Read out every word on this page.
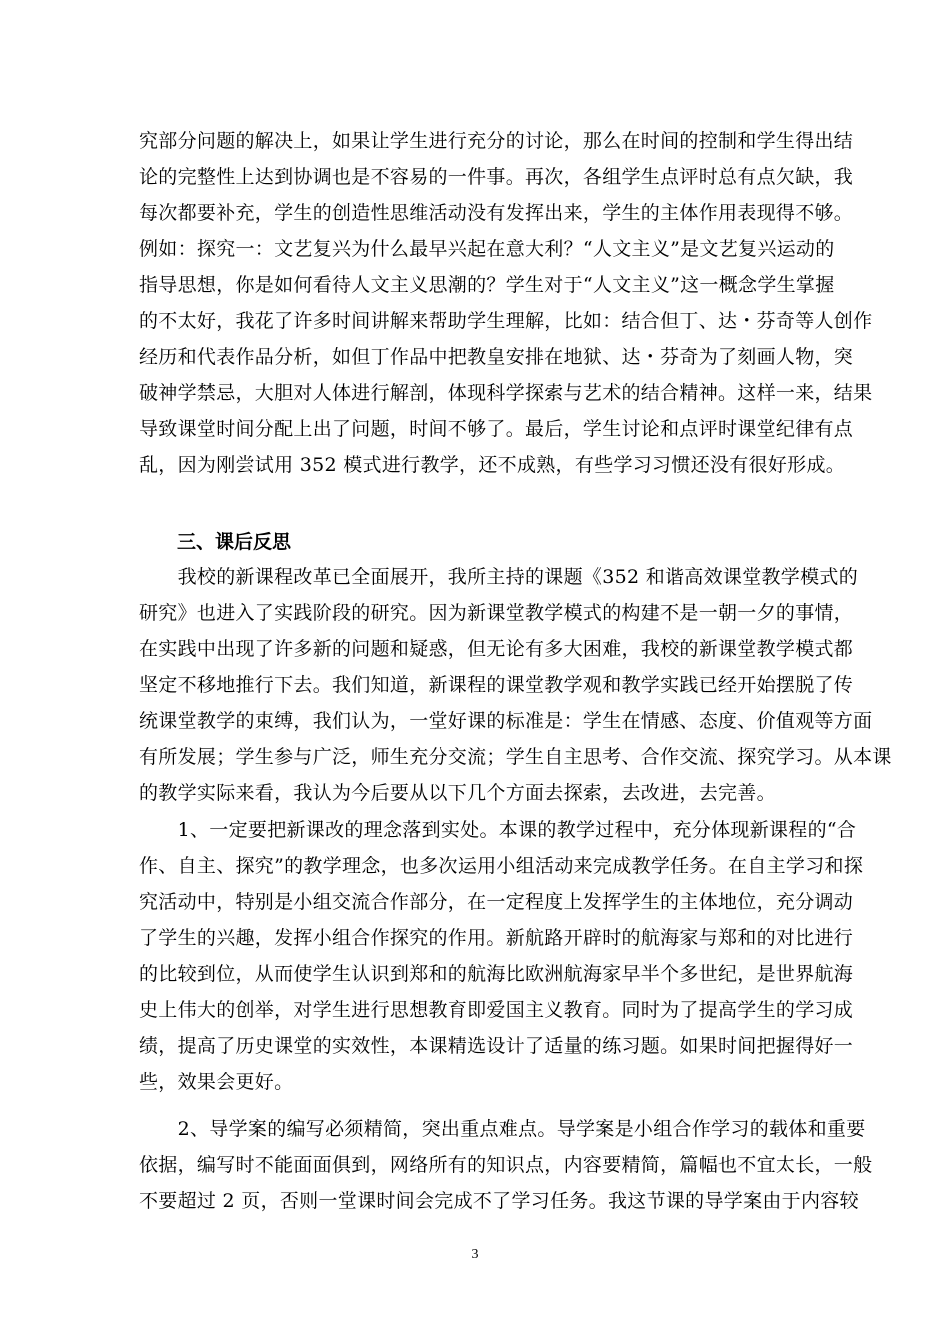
究部分问题的解决上，如果让学生进行充分的讨论，那么在时间的控制和学生得出结
论的完整性上达到协调也是不容易的一件事。再次，各组学生点评时总有点欠缺，我
每次都要补充，学生的创造性思维活动没有发挥出来，学生的主体作用表现得不够。
例如：探究一：文艺复兴为什么最早兴起在意大利？“人文主义”是文艺复兴运动的
指导思想，你是如何看待人文主义思潮的？学生对于“人文主义”这一概念学生掌握
的不太好，我花了许多时间讲解来帮助学生理解，比如：结合但丁、达・芬奇等人创作
经历和代表作品分析，如但丁作品中把教皇安排在地狱、达・芬奇为了刻画人物，突
破神学禁忌，大胆对人体进行解剖，体现科学探索与艺术的结合精神。这样一来，结果
导致课堂时间分配上出了问题，时间不够了。最后，学生讨论和点评时课堂纪律有点
乱，因为刚尝试用 352 模式进行教学，还不成熟，有些学习习惯还没有很好形成。
三、课后反思
　　我校的新课程改革已全面展开，我所主持的课题《352 和谐高效课堂教学模式的
研究》也进入了实践阶段的研究。因为新课堂教学模式的构建不是一朝一夕的事情，
在实践中出现了许多新的问题和疑惑，但无论有多大困难，我校的新课堂教学模式都
坚定不移地推行下去。我们知道，新课程的课堂教学观和教学实践已经开始摆脱了传
统课堂教学的束缚，我们认为，一堂好课的标准是：学生在情感、态度、价值观等方面
有所发展；学生参与广泛，师生充分交流；学生自主思考、合作交流、探究学习。从本课
的教学实际来看，我认为今后要从以下几个方面去探索，去改进，去完善。
　　1、一定要把新课改的理念落到实处。本课的教学过程中，充分体现新课程的“合
作、自主、探究”的教学理念，也多次运用小组活动来完成教学任务。在自主学习和探
究活动中，特别是小组交流合作部分，在一定程度上发挥学生的主体地位，充分调动
了学生的兴趣，发挥小组合作探究的作用。新航路开辟时的航海家与郑和的对比进行
的比较到位，从而使学生认识到郑和的航海比欧洲航海家早半个多世纪，是世界航海
史上伟大的创举，对学生进行思想教育即爱国主义教育。同时为了提高学生的学习成
绩，提高了历史课堂的实效性，本课精选设计了适量的练习题。如果时间把握得好一
些，效果会更好。
　　2、导学案的编写必须精简，突出重点难点。导学案是小组合作学习的载体和重要
依据，编写时不能面面俱到，网络所有的知识点，内容要精简，篇幅也不宜太长，一般
不要超过 2 页，否则一堂课时间会完成不了学习任务。我这节课的导学案由于内容较
3
